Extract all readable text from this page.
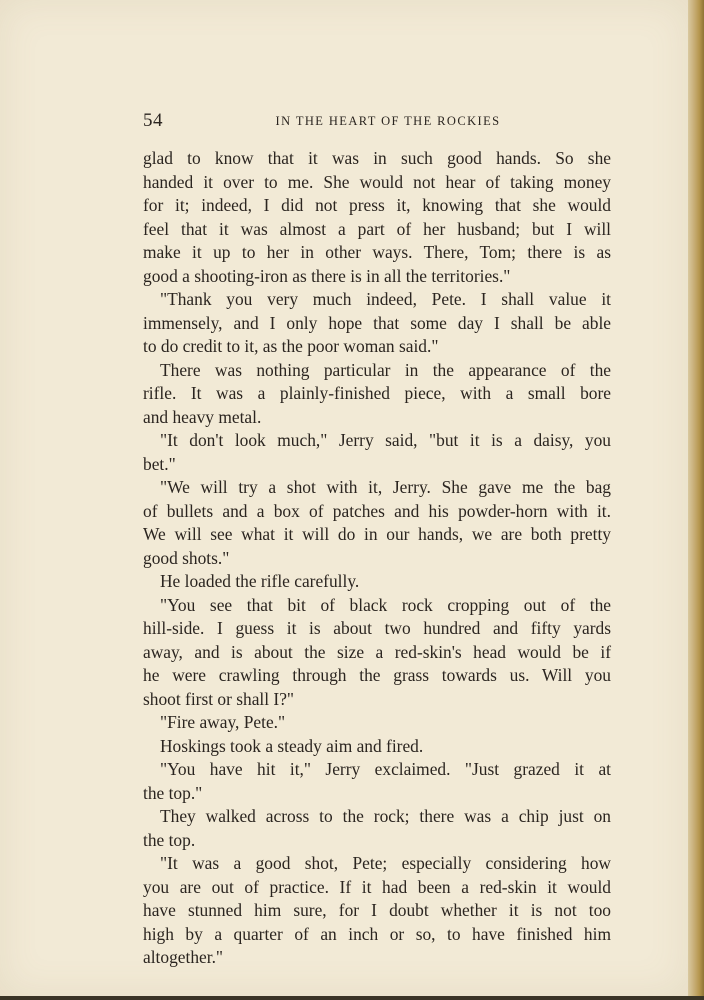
54	IN THE HEART OF THE ROCKIES
glad to know that it was in such good hands. So she
handed it over to me. She would not hear of taking money
for it; indeed, I did not press it, knowing that she would
feel that it was almost a part of her husband; but I will
make it up to her in other ways. There, Tom; there is as
good a shooting-iron as there is in all the territories."
"Thank you very much indeed, Pete. I shall value it
immensely, and I only hope that some day I shall be able
to do credit to it, as the poor woman said."
There was nothing particular in the appearance of the
rifle. It was a plainly-finished piece, with a small bore
and heavy metal.
"It don't look much," Jerry said, "but it is a daisy, you
bet."
"We will try a shot with it, Jerry. She gave me the bag
of bullets and a box of patches and his powder-horn with it.
We will see what it will do in our hands, we are both pretty
good shots."
He loaded the rifle carefully.
"You see that bit of black rock cropping out of the
hill-side. I guess it is about two hundred and fifty yards
away, and is about the size a red-skin's head would be if
he were crawling through the grass towards us. Will you
shoot first or shall I?"
"Fire away, Pete."
Hoskings took a steady aim and fired.
"You have hit it," Jerry exclaimed. "Just grazed it at
the top."
They walked across to the rock; there was a chip just on
the top.
"It was a good shot, Pete; especially considering how
you are out of practice. If it had been a red-skin it would
have stunned him sure, for I doubt whether it is not too
high by a quarter of an inch or so, to have finished him
altogether."
